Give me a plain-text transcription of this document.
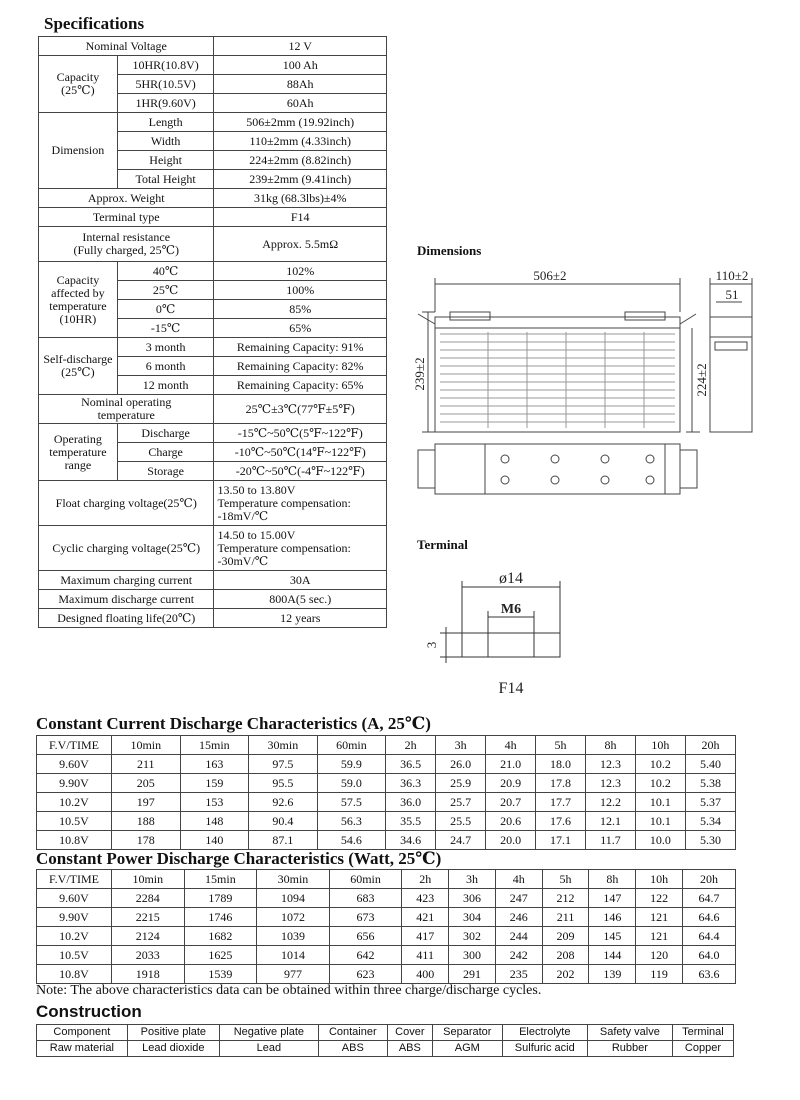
Specifications
Nominal Voltage		12 V
Capacity (25℃)	10HR(10.8V)	100 Ah
	5HR(10.5V)	88Ah
	1HR(9.60V)	60Ah
Dimension	Length	506±2mm (19.92inch)
	Width	110±2mm (4.33inch)
	Height	224±2mm (8.82inch)
	Total Height	239±2mm (9.41inch)
Approx. Weight		31kg (68.3lbs)±4%
Terminal type		F14

Internal resistance
(Fully charged, 25℃)		Approx. 5.5mΩ

Capacity
affected by
temperature
(10HR)	40℃	102%
	25℃	100%
	0℃	85%
	-15℃	65%

Self-discharge
(25℃)	3 month	Remaining Capacity: 91%
	6 month	Remaining Capacity: 82%
	12 month	Remaining Capacity: 65%

Nominal operating
temperature		25℃±3℃(77℉±5℉)

Operating
temperature
range	Discharge	-15℃~50℃(5℉~122℉)
	Charge	-10℃~50℃(14℉~122℉)
	Storage	-20℃~50℃(-4℉~122℉)
Float charging voltage(25℃)		13.50 to 13.80V
Temperature compensation:
-18mV/℃

Cyclic charging voltage(25℃)		14.50 to 15.00V
Temperature compensation:
-30mV/℃

Maximum charging current		30A
Maximum discharge current		800A(5 sec.)
Designed floating life(20℃)		12 years
Dimensions
506±2	110±2
51
239±2	224±2
Terminal
ø14
M6
3
F14
Constant Current Discharge Characteristics (A, 25℃)
F.V/TIME	10min	15min	30min	60min	2h	3h	4h	5h	8h	10h	20h
9.60V	211	163	97.5	59.9	36.5	26.0	21.0	18.0	12.3	10.2	5.40
9.90V	205	159	95.5	59.0	36.3	25.9	20.9	17.8	12.3	10.2	5.38
10.2V	197	153	92.6	57.5	36.0	25.7	20.7	17.7	12.2	10.1	5.37
10.5V	188	148	90.4	56.3	35.5	25.5	20.6	17.6	12.1	10.1	5.34
10.8V	178	140	87.1	54.6	34.6	24.7	20.0	17.1	11.7	10.0	5.30
Constant Power Discharge Characteristics (Watt, 25℃)
F.V/TIME	10min	15min	30min	60min	2h	3h	4h	5h	8h	10h	20h
9.60V	2284	1789	1094	683	423	306	247	212	147	122	64.7
9.90V	2215	1746	1072	673	421	304	246	211	146	121	64.6
10.2V	2124	1682	1039	656	417	302	244	209	145	121	64.4
10.5V	2033	1625	1014	642	411	300	242	208	144	120	64.0
10.8V	1918	1539	977	623	400	291	235	202	139	119	63.6
Note: The above characteristics data can be obtained within three charge/discharge cycles.
Construction
Component	Positive plate	Negative plate	Container	Cover	Separator	Electrolyte	Safety valve	Terminal
Raw material	Lead dioxide	Lead	ABS	ABS	AGM	Sulfuric acid	Rubber	Copper
